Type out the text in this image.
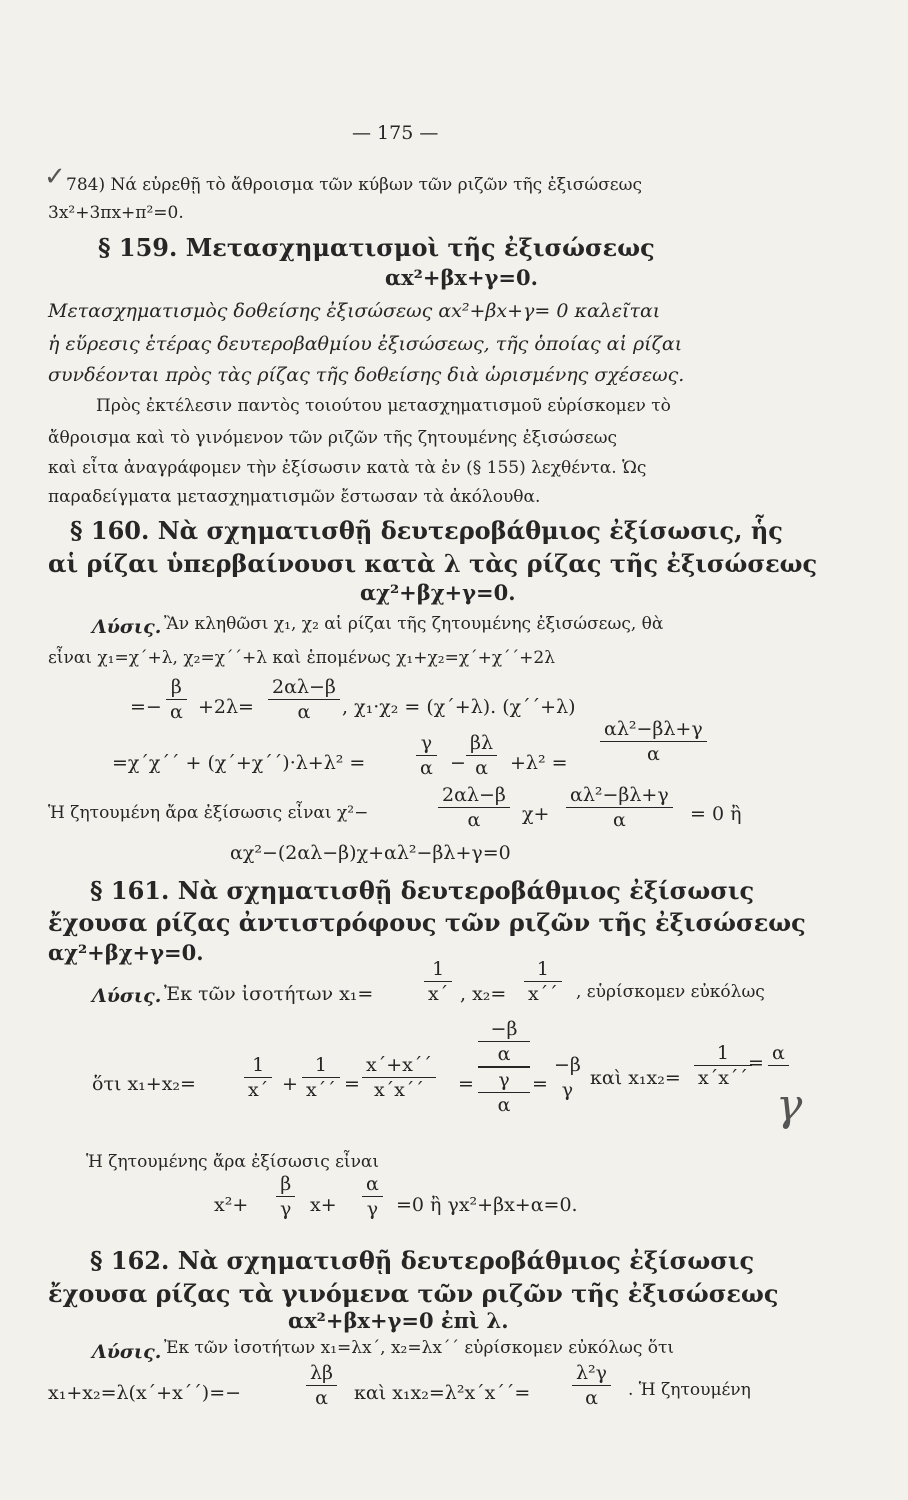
— 175 —
✓ 784) Νά εὑρεθῇ τὸ ἄθροισμα τῶν κύβων τῶν ριζῶν τῆς ἐξισώσεως
3x²+3πx+π²=0.
§ 159. Μετασχηματισμοὶ τῆς ἐξισώσεως
αx²+βx+γ=0.
Μετασχηματισμὸς δοθείσης ἐξισώσεως αx²+βx+γ= 0 καλεῖται
ἡ εὕρεσις ἑτέρας δευτεροβαθμίου ἐξισώσεως, τῆς ὁποίας αἱ ρίζαι
συνδέονται πρὸς τὰς ρίζας τῆς δοθείσης διὰ ὡρισμένης σχέσεως.
Πρὸς ἐκτέλεσιν παντὸς τοιούτου μετασχηματισμοῦ εὑρίσκομεν τὸ
ἄθροισμα καὶ τὸ γινόμενον τῶν ριζῶν τῆς ζητουμένης ἐξισώσεως
καὶ εἶτα ἀναγράφομεν τὴν ἐξίσωσιν κατὰ τὰ ἐν (§ 155) λεχθέντα. Ὡς
παραδείγματα μετασχηματισμῶν ἔστωσαν τὰ ἀκόλουθα.
§ 160. Νὰ σχηματισθῇ δευτεροβάθμιος ἐξίσωσις, ἧς
αἱ ρίζαι ὑπερβαίνουσι κατὰ λ τὰς ρίζας τῆς ἐξισώσεως
αχ²+βχ+γ=0.
Λύσις. Ἂν κληθῶσι χ₁, χ₂ αἱ ρίζαι τῆς ζητουμένης ἐξισώσεως, θὰ
εἶναι χ₁=χ΄+λ, χ₂=χ΄΄+λ καὶ ἑπομένως χ₁+χ₂=χ΄+χ΄΄+2λ
=−
β
α +2λ=
2αλ−β
α	, χ₁·χ₂ = (χ΄+λ). (χ΄΄+λ)
=χ΄χ΄΄ + (χ΄+χ΄΄)·λ+λ² =
γ
α −
βλ
α	+λ² =
αλ²−βλ+γ
α
Ἡ ζητουμένη ἄρα ἐξίσωσις εἶναι χ²−
2αλ−β
α	χ+
αλ²−βλ+γ
α	= 0 ἢ
αχ²−(2αλ−β)χ+αλ²−βλ+γ=0
§ 161. Νὰ σχηματισθῇ δευτεροβάθμιος ἐξίσωσις
ἔχουσα ρίζας ἀντιστρόφους τῶν ριζῶν τῆς ἐξισώσεως
αχ²+βχ+γ=0.
Λύσις. Ἐκ τῶν ἰσοτήτων x₁=
1
x΄ , x₂=
1
x΄΄ , εὑρίσκομεν εὐκόλως
ὅτι x₁+x₂=
1
x΄ +
1
x΄΄ =
x΄+x΄΄
x΄x΄΄	=
−β
α
γ
α
=
−β
γ
καὶ x₁x₂=
1
x΄x΄΄
= α
γ
Ἡ ζητουμένης ἄρα ἐξίσωσις εἶναι
x²+
β
γ x+
α
γ =0 ἢ γx²+βx+α=0.
§ 162. Νὰ σχηματισθῇ δευτεροβάθμιος ἐξίσωσις
ἔχουσα ρίζας τὰ γινόμενα τῶν ριζῶν τῆς ἐξισώσεως
αx²+βx+γ=0 ἐπὶ λ.
Λύσις. Ἐκ τῶν ἰσοτήτων x₁=λx΄, x₂=λx΄΄ εὑρίσκομεν εὐκόλως ὅτι
x₁+x₂=λ(x΄+x΄΄)=−
λβ
α	καὶ x₁x₂=λ²x΄x΄΄=
λ²γ
α	. Ἡ ζητουμένη
